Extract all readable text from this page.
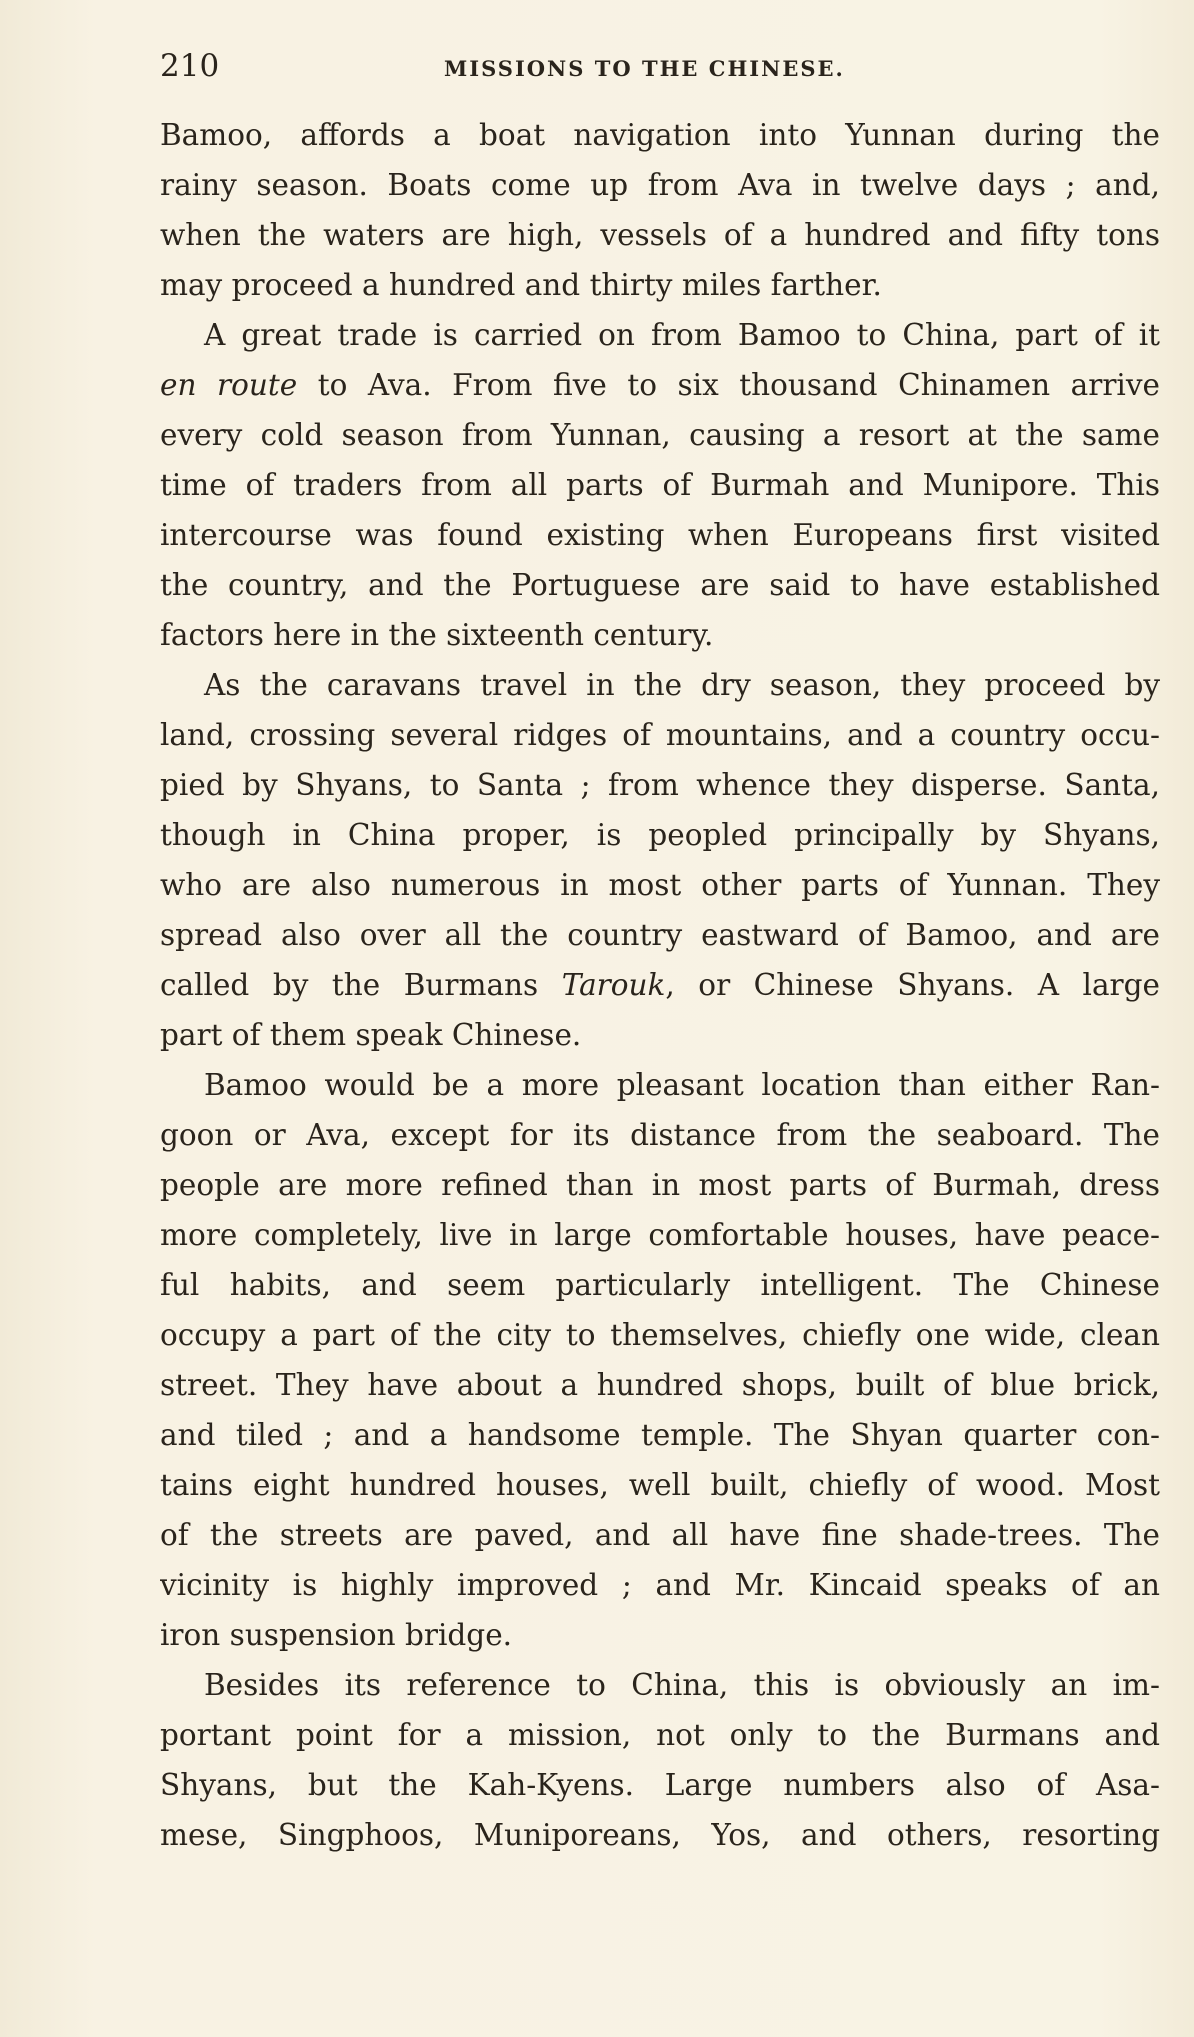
210	MISSIONS TO THE CHINESE.
Bamoo, affords a boat navigation into Yunnan during the
rainy season. Boats come up from Ava in twelve days ; and,
when the waters are high, vessels of a hundred and fifty tons
may proceed a hundred and thirty miles farther.
A great trade is carried on from Bamoo to China, part of it
en route to Ava. From five to six thousand Chinamen arrive
every cold season from Yunnan, causing a resort at the same
time of traders from all parts of Burmah and Munipore. This
intercourse was found existing when Europeans first visited
the country, and the Portuguese are said to have established
factors here in the sixteenth century.
As the caravans travel in the dry season, they proceed by
land, crossing several ridges of mountains, and a country occu-
pied by Shyans, to Santa ; from whence they disperse. Santa,
though in China proper, is peopled principally by Shyans,
who are also numerous in most other parts of Yunnan. They
spread also over all the country eastward of Bamoo, and are
called by the Burmans Tarouk, or Chinese Shyans. A large
part of them speak Chinese.
Bamoo would be a more pleasant location than either Ran-
goon or Ava, except for its distance from the seaboard. The
people are more refined than in most parts of Burmah, dress
more completely, live in large comfortable houses, have peace-
ful habits, and seem particularly intelligent. The Chinese
occupy a part of the city to themselves, chiefly one wide, clean
street. They have about a hundred shops, built of blue brick,
and tiled ; and a handsome temple. The Shyan quarter con-
tains eight hundred houses, well built, chiefly of wood. Most
of the streets are paved, and all have fine shade-trees. The
vicinity is highly improved ; and Mr. Kincaid speaks of an
iron suspension bridge.
Besides its reference to China, this is obviously an im-
portant point for a mission, not only to the Burmans and
Shyans, but the Kah-Kyens. Large numbers also of Asa-
mese, Singphoos, Muniporeans, Yos, and others, resorting
